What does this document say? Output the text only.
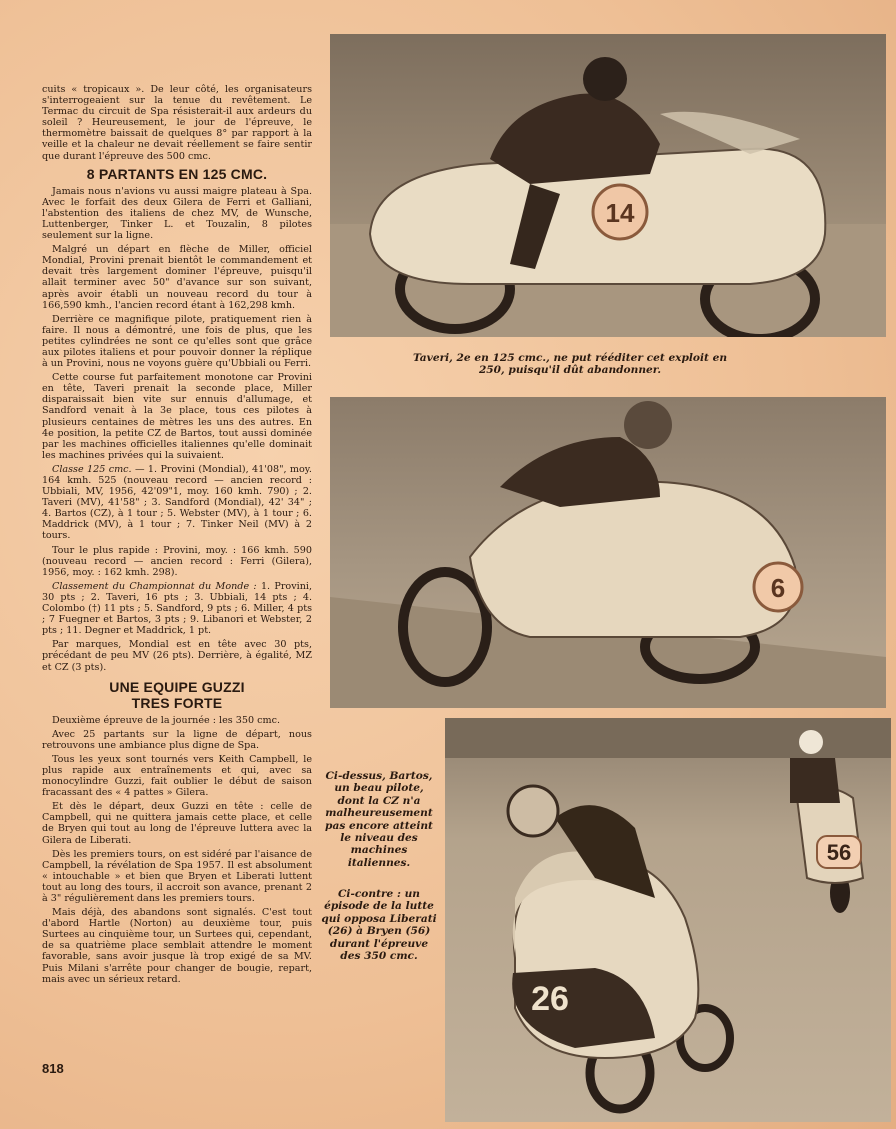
cuits « tropicaux ». De leur côté, les organisateurs s'interrogeaient sur la tenue du revêtement. Le Termac du circuit de Spa résisterait-il aux ardeurs du soleil ? Heureusement, le jour de l'épreuve, le thermomètre baissait de quelques 8° par rapport à la veille et la chaleur ne devait réellement se faire sentir que durant l'épreuve des 500 cmc.

8 PARTANTS EN 125 CMC.

Jamais nous n'avions vu aussi maigre plateau à Spa. Avec le forfait des deux Gilera de Ferri et Galliani, l'abstention des italiens de chez MV, de Wunsche, Luttenberger, Tinker L. et Touzalin, 8 pilotes seulement sur la ligne.

Malgré un départ en flèche de Miller, officiel Mondial, Provini prenait bientôt le commandement et devait très largement dominer l'épreuve, puisqu'il allait terminer avec 50" d'avance sur son suivant, après avoir établi un nouveau record du tour à 166,590 kmh., l'ancien record étant à 162,298 kmh.

Derrière ce magnifique pilote, pratiquement rien à faire. Il nous a démontré, une fois de plus, que les petites cylindrées ne sont ce qu'elles sont que grâce aux pilotes italiens et pour pouvoir donner la réplique à un Provini, nous ne voyons guère qu'Ubbiali ou Ferri.

Cette course fut parfaitement monotone car Provini en tête, Taveri prenait la seconde place, Miller disparaissait bien vite sur ennuis d'allumage, et Sandford venait à la 3e place, tous ces pilotes à plusieurs centaines de mètres les uns des autres. En 4e position, la petite CZ de Bartos, tout aussi dominée par les machines officielles italiennes qu'elle dominait les machines privées qui la suivaient.

Classe 125 cmc. — 1. Provini (Mondial), 41'08", moy. 164 kmh. 525 (nouveau record — ancien record : Ubbiali, MV, 1956, 42'09"1, moy. 160 kmh. 790) ; 2. Taveri (MV), 41'58" ; 3. Sandford (Mondial), 42' 34" ; 4. Bartos (CZ), à 1 tour ; 5. Webster (MV), à 1 tour ; 6. Maddrick (MV), à 1 tour ; 7. Tinker Neil (MV) à 2 tours.

Tour le plus rapide : Provini, moy. : 166 kmh. 590 (nouveau record — ancien record : Ferri (Gilera), 1956, moy. : 162 kmh. 298).

Classement du Championnat du Monde : 1. Provini, 30 pts ; 2. Taveri, 16 pts ; 3. Ubbiali, 14 pts ; 4. Colombo (†) 11 pts ; 5. Sandford, 9 pts ; 6. Miller, 4 pts ; 7 Fuegner et Bartos, 3 pts ; 9. Libanori et Webster, 2 pts ; 11. Degner et Maddrick, 1 pt.

Par marques, Mondial est en tête avec 30 pts, précédant de peu MV (26 pts). Derrière, à égalité, MZ et CZ (3 pts).

UNE EQUIPE GUZZI
TRES FORTE

Deuxième épreuve de la journée : les 350 cmc.

Avec 25 partants sur la ligne de départ, nous retrouvons une ambiance plus digne de Spa.

Tous les yeux sont tournés vers Keith Campbell, le plus rapide aux entraînements et qui, avec sa monocylindre Guzzi, fait oublier le début de saison fracassant des « 4 pattes » Gilera.

Et dès le départ, deux Guzzi en tête : celle de Campbell, qui ne quittera jamais cette place, et celle de Bryen qui tout au long de l'épreuve luttera avec la Gilera de Liberati.

Dès les premiers tours, on est sidéré par l'aisance de Campbell, la révélation de Spa 1957. Il est absolument « intouchable » et bien que Bryen et Liberati luttent tout au long des tours, il accroit son avance, prenant 2 à 3" régulièrement dans les premiers tours.

Mais déjà, des abandons sont signalés. C'est tout d'abord Hartle (Norton) au deuxième tour, puis Surtees au cinquième tour, un Surtees qui, cependant, de sa quatrième place semblait attendre le moment favorable, sans avoir jusque là trop exigé de sa MV. Puis Milani s'arrête pour changer de bougie, repart, mais avec un sérieux retard.

14
Taveri, 2e en 125 cmc., ne put rééditer cet exploit en 250, puisqu'il dût abandonner.
6
Ci-dessus, Bartos, un beau pilote, dont la CZ n'a malheureusement pas encore atteint le niveau des machines italiennes.
Ci-contre : un épisode de la lutte qui opposa Liberati (26) à Bryen (56) durant l'épreuve des 350 cmc.
56
26
818
